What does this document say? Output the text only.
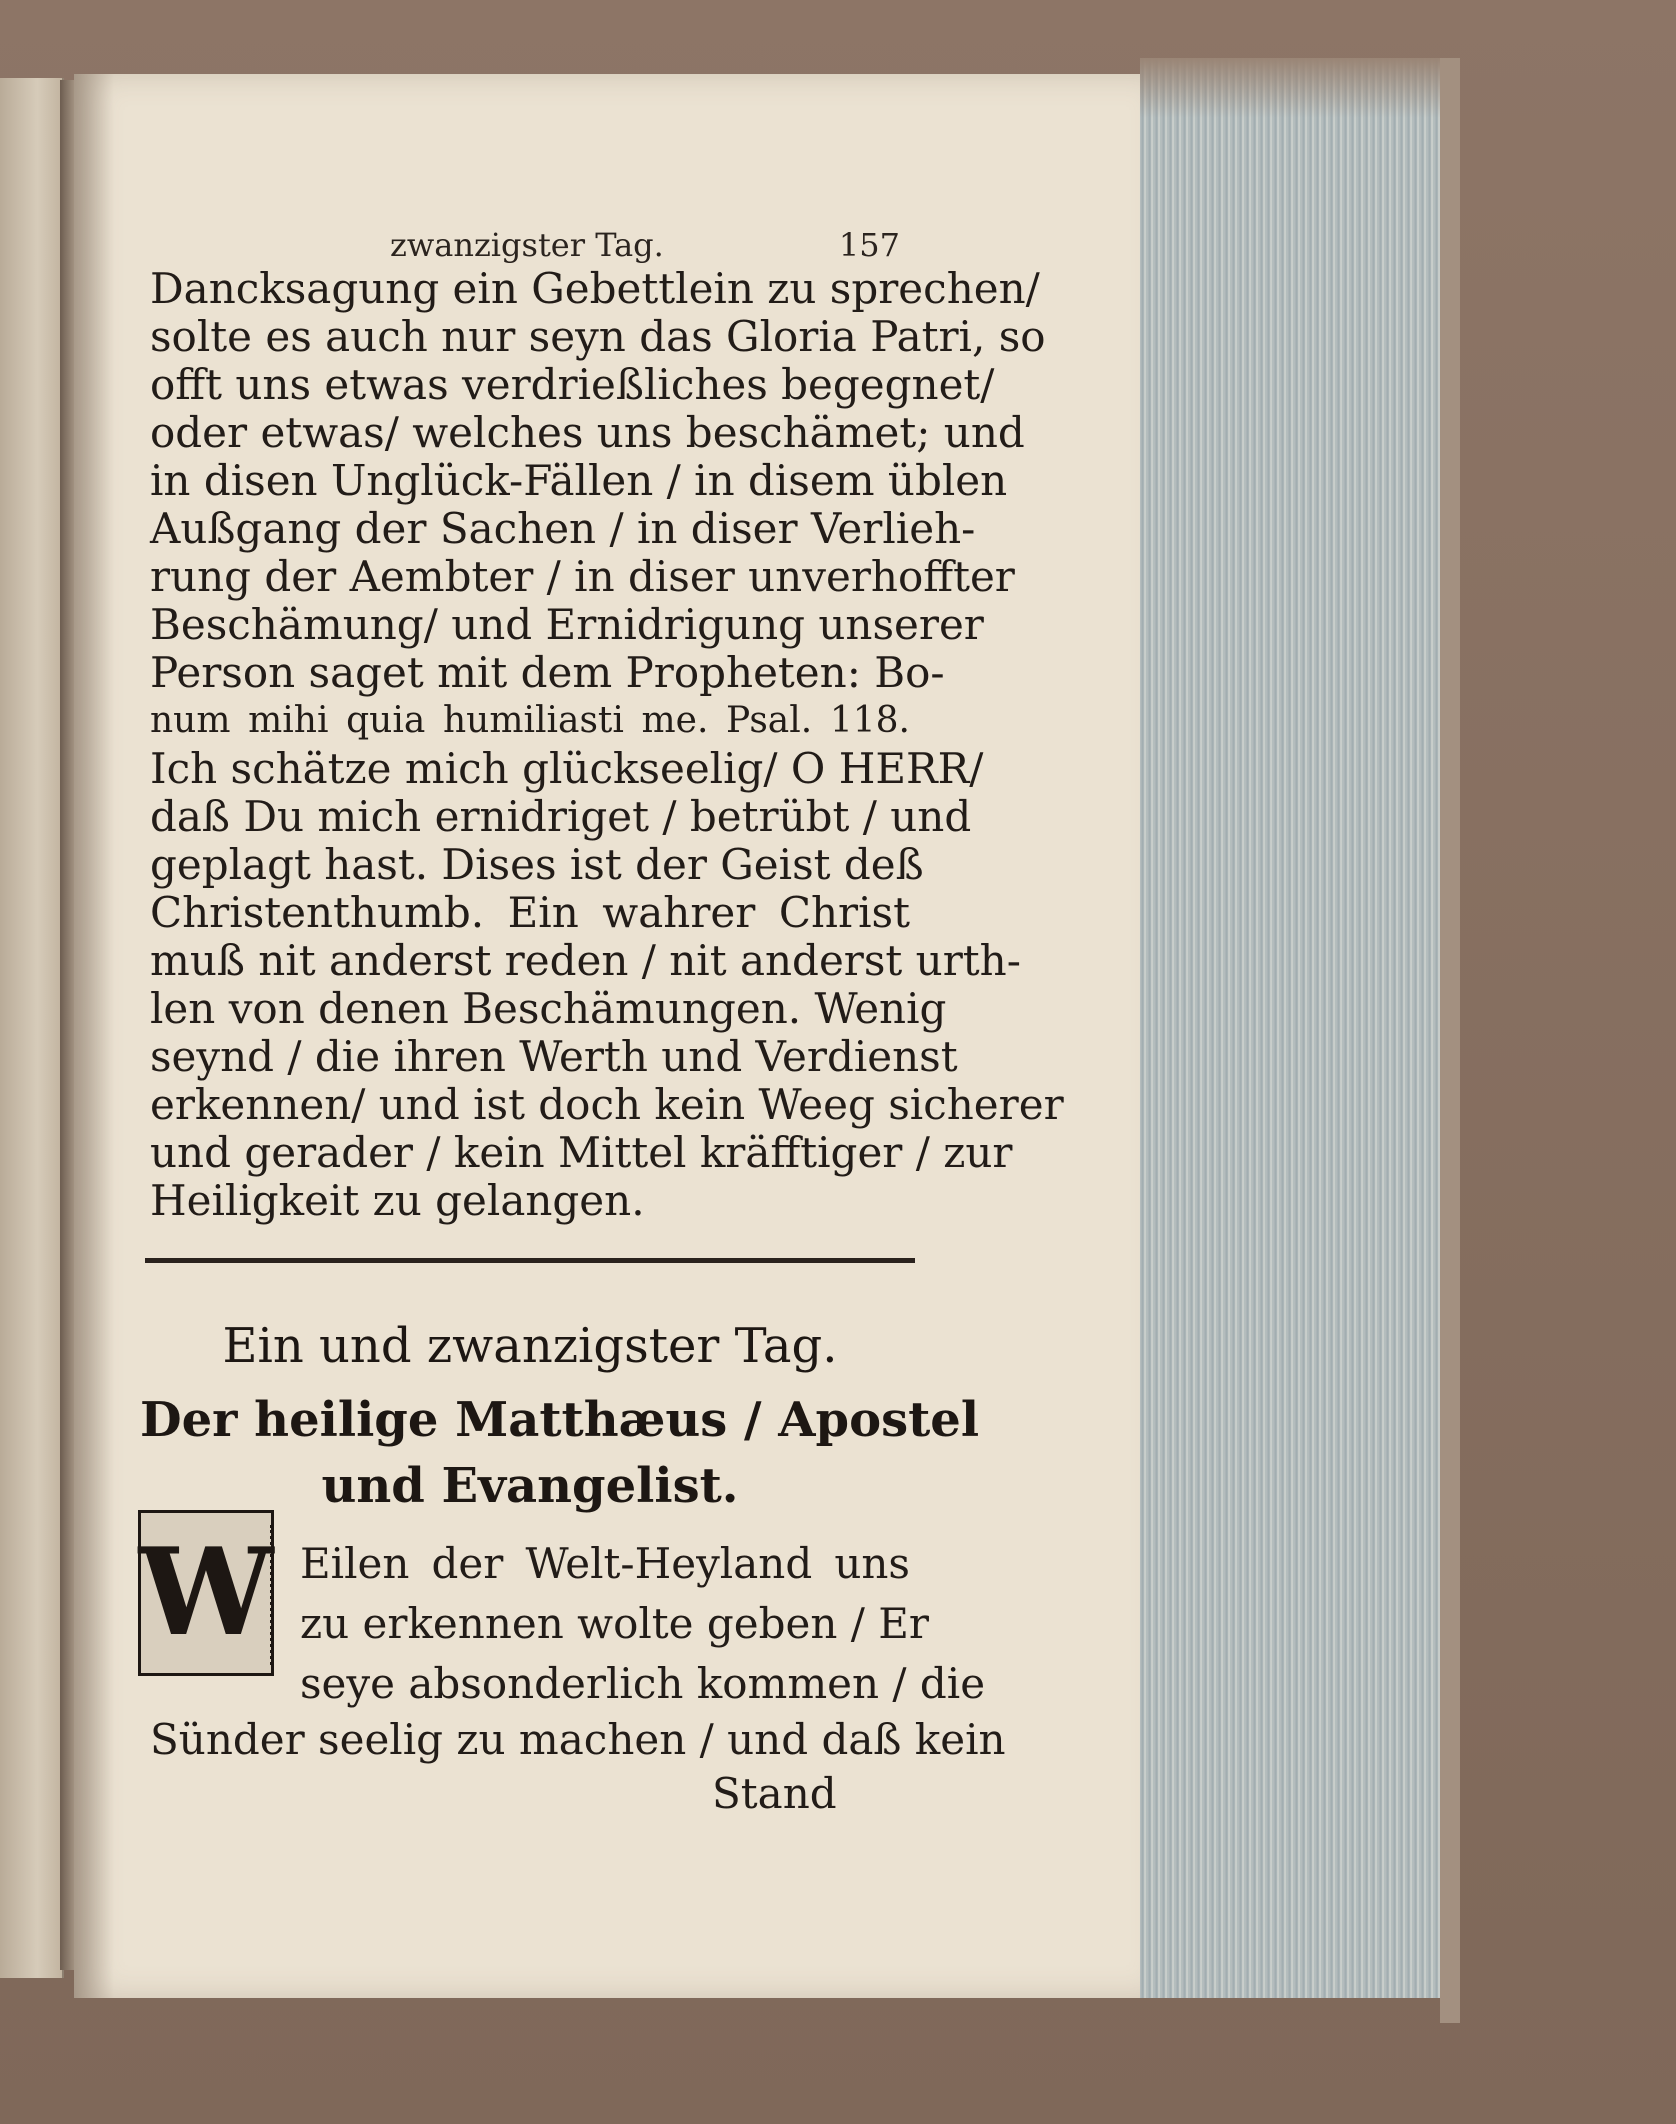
zwanzigster Tag.	157
Dancksagung ein Gebettlein zu sprechen/
solte es auch nur seyn das Gloria Patri, so
offt uns etwas verdrießliches begegnet/
oder etwas/ welches uns beschämet; und
in disen Unglück-Fällen / in disem üblen
Außgang der Sachen / in diser Verlieh-
rung der Aembter / in diser unverhoffter
Beschämung/ und Ernidrigung unserer
Person saget mit dem Propheten: Bo-
num mihi quia humiliasti me. Psal. 118.
Ich schätze mich glückseelig/ O HERR/
daß Du mich ernidriget / betrübt / und
geplagt hast. Dises ist der Geist deß
Christenthumb. Ein wahrer Christ
muß nit anderst reden / nit anderst urth-
len von denen Beschämungen. Wenig
seynd / die ihren Werth und Verdienst
erkennen/ und ist doch kein Weeg sicherer
und gerader / kein Mittel kräfftiger / zur
Heiligkeit zu gelangen.
Ein und zwanzigster Tag.
Der heilige Matthæus / Apostel
und Evangelist.
W Eilen der Welt-Heyland uns
zu erkennen wolte geben / Er
seye absonderlich kommen / die
Sünder seelig zu machen / und daß kein
Stand
